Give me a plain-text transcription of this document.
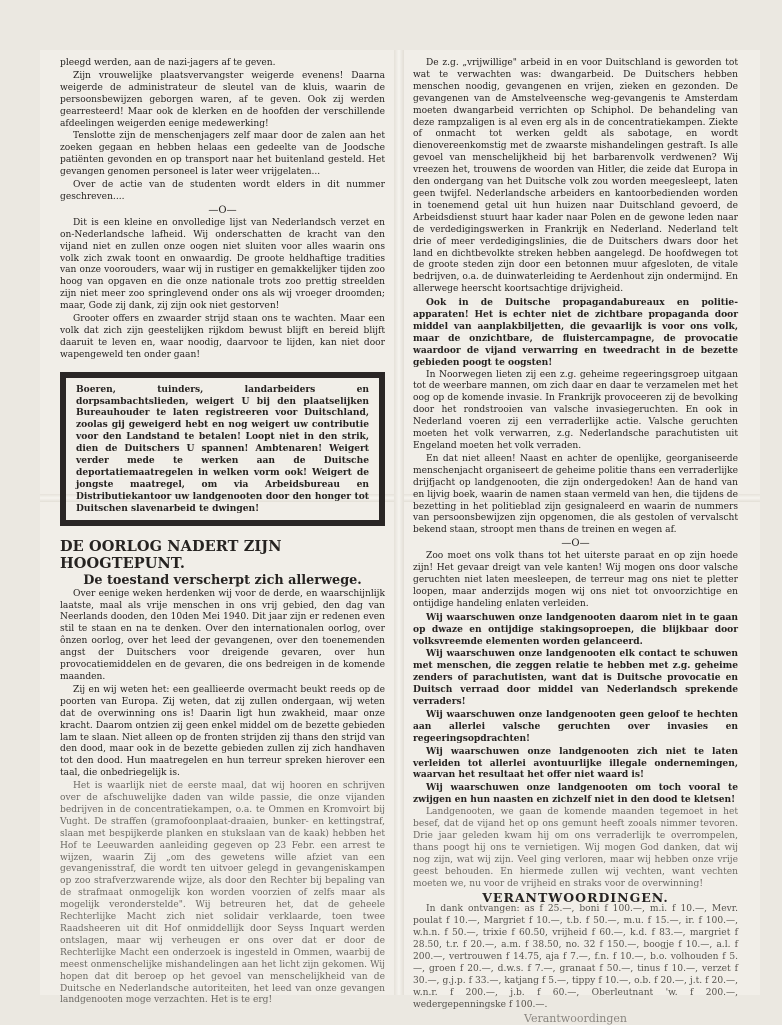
pleegd werden, aan de nazi-jagers af te geven.

Zijn vrouwelijke plaatsvervangster weigerde evenens! Daarna weigerde de administrateur de sleutel van de kluis, waarin de persoonsbewijzen geborgen waren, af te geven. Ook zij werden gearresteerd! Maar ook de klerken en de hoofden der verschillende afdeelingen weigerden eenige medewerking!

Tenslotte zijn de menschenjagers zelf maar door de zalen aan het zoeken gegaan en hebben helaas een gedeelte van de Joodsche patiënten gevonden en op transport naar het buitenland gesteld. Het gevangen genomen personeel is later weer vrijgelaten...

Over de actie van de studenten wordt elders in dit nummer geschreven....

—O—

Dit is een kleine en onvolledige lijst van Nederlandsch verzet en on-Nederlandsche lafheid. Wij onderschatten de kracht van den vijand niet en zullen onze oogen niet sluiten voor alles waarin ons volk zich zwak toont en onwaardig. De groote heldhaftige tradities van onze voorouders, waar wij in rustiger en gemakkelijker tijden zoo hoog van opgaven en die onze nationale trots zoo prettig streelden zijn niet meer zoo springlevend onder ons als wij vroeger droomden; maar, Gode zij dank, zij zijn ook niet gestorven!

Grooter offers en zwaarder strijd staan ons te wachten. Maar een volk dat zich zijn geestelijken rijkdom bewust blijft en bereid blijft daaruit te leven en, waar noodig, daarvoor te lijden, kan niet door wapengeweld ten onder gaan!

Boeren, tuinders, landarbeiders en dorpsambachtslieden, weigert U bij den plaatselijken Bureauhouder te laten registreeren voor Duitschland, zoolas gij geweigerd hebt en nog weigert uw contributie voor den Landstand te betalen! Loopt niet in den strik, dien de Duitschers U spannen! Ambtenaren! Weigert verder mede te werken aan de Duitsche deportatiemaatregelen in welken vorm ook! Weigert de jongste maatregel, om via Arbeidsbureau en Distributiekantoor uw landgenooten door den honger tot Duitschen slavenarbeid te dwingen!

DE OORLOG NADERT ZIJN HOOGTEPUNT.

De toestand verscherpt zich allerwege.

Over eenige weken herdenken wij voor de derde, en waarschijnlijk laatste, maal als vrije menschen in ons vrij gebied, den dag van Neerlands dooden, den 10den Mei 1940. Dit jaar zijn er redenen even stil te staan en na te denken. Over den internationalen oorlog, over ônzen oorlog, over het leed der gevangenen, over den toenemenden angst der Duitschers voor dreigende gevaren, over hun provocatiemiddelen en de gevaren, die ons bedreigen in de komende maanden.

Zij en wij weten het: een geallieerde overmacht beukt reeds op de poorten van Europa. Zij weten, dat zij zullen ondergaan, wij weten dat de overwinning ons is! Daarin ligt hun zwakheid, maar onze kracht. Daarom ontzien zij geen enkel middel om de bezette gebieden lam te slaan. Niet alleen op de fronten strijden zij thans den strijd van den dood, maar ook in de bezette gebieden zullen zij zich handhaven tot den dood. Hun maatregelen en hun terreur spreken hierover een taal, die onbedriegelijk is.

Het is waarlijk niet de eerste maal, dat wij hooren en schrijven over de afschuwelijke daden van wilde passie, die onze vijanden bedrijven in de concentratiekampen, o.a. te Ommen en Kromvoirt bij Vught. De straffen (gramofoonplaat-draaien, bunker- en kettingstraf, slaan met bespijkerde planken en stukslaan van de kaak) hebben het Hof te Leeuwarden aanleiding gegeven op 23 Febr. een arrest te wijzen, waarin Zij „om des gewetens wille afziet van een gevangenisstraf, die wordt ten uitvoer gelegd in gevangeniskampen op zoo strafverzwarende wijze, als door den Rechter bij bepaling van de strafmaat onmogelijk kon worden voorzien of zelfs maar als mogelijk veronderstelde". Wij betreuren het, dat de geheele Rechterlijke Macht zich niet solidair verklaarde, toen twee Raadsheeren uit dit Hof onmiddellijk door Seyss Inquart werden ontslagen, maar wij verheugen er ons over dat er door de Rechterlijke Macht een onderzoek is ingesteld in Ommen, waarbij de meest onmenschelijke mishandelingen aan het licht zijn gekomen. Wij hopen dat dit beroep op het gevoel van menschelijkheid van de Duitsche en Nederlandsche autoriteiten, het leed van onze gevangen landgenooten moge verzachten. Het is te erg!

De z.g. „vrijwillige" arbeid in en voor Duitschland is geworden tot wat te verwachten was: dwangarbeid. De Duitschers hebben menschen noodig, gevangenen en vrijen, zieken en gezonden. De gevangenen van de Amstelveensche weg-gevangenis te Amsterdam moeten dwangarbeid verrichten op Schiphol. De behandeling van deze rampzaligen is al even erg als in de concentratiekampen. Ziekte of onmacht tot werken geldt als sabotage, en wordt dienovereenkomstig met de zwaarste mishandelingen gestraft. Is alle gevoel van menschelijkheid bij het barbarenvolk verdwenen? Wij vreezen het, trouwens de woorden van Hitler, die zeide dat Europa in den ondergang van het Duitsche volk zou worden meegesleept, laten geen twijfel. Nederlandsche arbeiders en kantoorbedienden worden in toenemend getal uit hun huizen naar Duitschland gevoerd, de Arbeidsdienst stuurt haar kader naar Polen en de gewone leden naar de verdedigingswerken in Frankrijk en Nederland. Nederland telt drie of meer verdedigingslinies, die de Duitschers dwars door het land en dichtbevolkte streken hebben aangelegd. De hoofdwegen tot de groote steden zijn door een betonnen muur afgesloten, de vitale bedrijven, o.a. de duinwaterleiding te Aerdenhout zijn ondermijnd. En allerwege heerscht koortsachtige drijvigheid.

Ook in de Duitsche propagandabureaux en politie-apparaten! Het is echter niet de zichtbare propaganda door middel van aanplakbiljetten, die gevaarlijk is voor ons volk, maar de onzichtbare, de fluistercampagne, de provocatie waardoor de vijand verwarring en tweedracht in de bezette gebieden poogt te oogsten!

In Noorwegen lieten zij een z.g. geheime regeeringsgroep uitgaan tot de weerbare mannen, om zich daar en daar te verzamelen met het oog op de komende invasie. In Frankrijk provoceeren zij de bevolking door het rondstrooien van valsche invasiegeruchten. En ook in Nederland voeren zij een verraderlijke actie. Valsche geruchten moeten het volk verwarren, z.g. Nederlandsche parachutisten uit Engeland moeten het volk verraden.

En dat niet alleen! Naast en achter de openlijke, georganiseerde menschenjacht organiseert de geheime politie thans een verraderlijke drijfjacht op landgenooten, die zijn ondergedoken! Aan de hand van en lijvig boek, waarin de namen staan vermeld van hen, die tijdens de bezetting in het politieblad zijn gesignaleerd en waarin de nummers van persoonsbewijzen zijn opgenomen, die als gestolen of vervalscht bekend staan, stroopt men thans de treinen en wegen af.

—O—

Zoo moet ons volk thans tot het uiterste paraat en op zijn hoede zijn! Het gevaar dreigt van vele kanten! Wij mogen ons door valsche geruchten niet laten meesleepen, de terreur mag ons niet te pletter loopen, maar anderzijds mogen wij ons niet tot onvoorzichtige en ontijdige handeling enlaten verleiden.

Wij waarschuwen onze landgenooten daarom niet in te gaan op dwaze en ontijdige stakingsoproepen, die blijkbaar door volksvreemde elementen worden gelanceerd.

Wij waarschuwen onze landgenooten elk contact te schuwen met menschen, die zeggen relatie te hebben met z.g. geheime zenders of parachutisten, want dat is Duitsche provocatie en Duitsch verraad door middel van Nederlandsch sprekende verraders!

Wij waarschuwen onze landgenooten geen geloof te hechten aan allerlei valsche geruchten over invasies en regeeringsopdrachten!

Wij waarschuwen onze landgenooten zich niet te laten verleiden tot allerlei avontuurlijke illegale ondernemingen, waarvan het resultaat het offer niet waard is!

Wij waarschuwen onze landgenooten om toch vooral te zwijgen en hun naasten en zichzelf niet in den dood te kletsen!

Landgenooten, we gaan de komende maanden tegemoet in het besef, dat de vijand het op ons gemunt heeft zooals nimmer tevoren. Drie jaar geleden kwam hij om ons verraderlijk te overrompelen, thans poogt hij ons te vernietigen. Wij mogen God danken, dat wij nog zijn, wat wij zijn. Veel ging verloren, maar wij hebben onze vrije geest behouden. En hiermede zullen wij vechten, want vechten moeten we, nu voor de vrijheid en straks voor de overwinning!

VERANTWOORDINGEN.

In dank ontvangen: as f 25.—, boni f 100.—, m.i. f 10.—, Mevr. poulat f 10.—, Margriet f 10.—, t.b. f 50.—, m.u. f 15.—, ir. f 100.—, w.h.n. f 50.—, trixie f 60.50, vrijheid f 60.—, k.d. f 83.—, margriet f 28.50, t.r. f 20.—, a.m. f 38.50, no. 32 f 150.—, boogje f 10.—, a.l. f 200.—, vertrouwen f 14.75, aja f 7.—, f.n. f 10.—, b.o. volhouden f 5.—, groen f 20.—, d.w.s. f 7.—, granaat f 50.—, tinus f 10.—, verzet f 30.—, g.j.p. f 33.—, katjang f 5.—, tippy f 10.—, o.b. f 20.—, j.t. f 20.—, w.n.r. f 200.—, j.b. f 60.—, Oberleutnant 'w. f 200.—, wedergepenningske f 100.—.

Verantwoordingen
